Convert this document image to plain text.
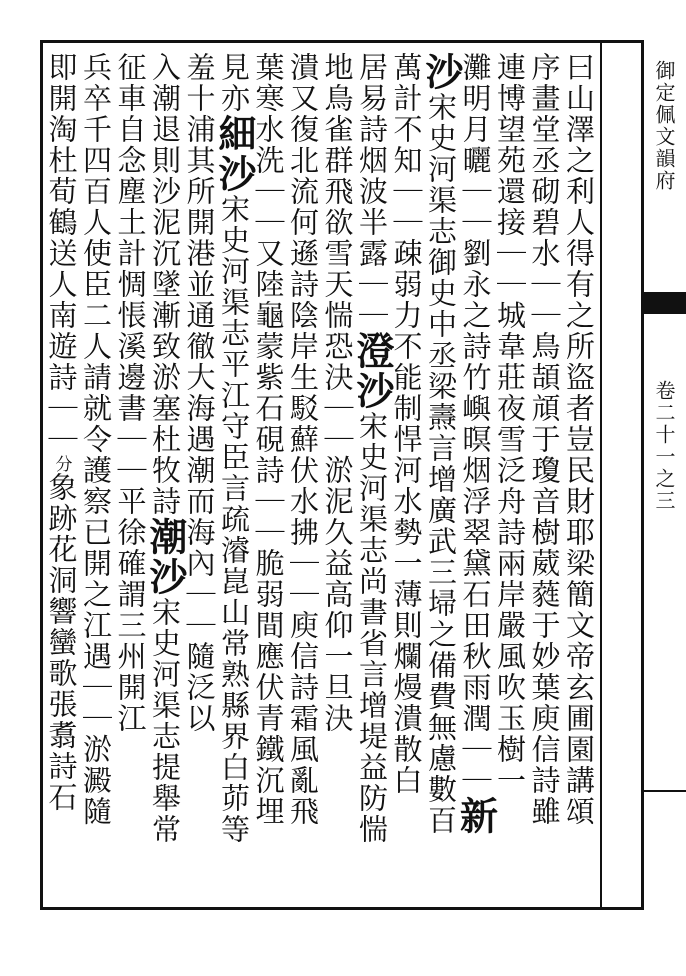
御定佩文韻府
卷二十一之三
曰山澤之利人得有之所盜者豈民財耶梁簡文帝玄圃園講頌
序畫堂丞砌碧水｜｜鳥頡頏于瓊音樹葳蕤于妙葉庾信詩雖
連博望苑還接｜｜城韋莊夜雪泛舟詩兩岸嚴風吹玉樹一
灘明月曬｜｜劉永之詩竹嶼暝烟浮翠黛石田秋雨潤｜｜新
沙宋史河渠志御史中丞梁燾言增廣武三埽之備費無慮數百
萬計不知｜｜疎弱力不能制悍河水勢一薄則爛熳潰散白
居易詩烟波半露｜｜澄沙宋史河渠志尚書省言增堤益防惴
地鳥雀群飛欲雪天惴恐決｜｜淤泥久益高仰一旦決
潰又復北流何遜詩陰岸生駁蘚伏水拂｜｜庾信詩霜風亂飛
葉寒水洗｜｜又陸龜蒙紫石硯詩｜｜脆弱間應伏青鐵沉埋
見亦細沙宋史河渠志平江守臣言疏濬崑山常熟縣界白茆等
羞十浦其所開港並通徹大海遇潮而海內｜｜隨泛以
入潮退則沙泥沉墜漸致淤塞杜牧詩潮沙宋史河渠志提舉常
征車自念塵土計惆悵溪邊書｜｜平徐確謂三州開江
兵卒千四百人使臣二人請就令護察已開之江遇｜｜淤澱隨
即開淘杜荀鶴送人南遊詩｜｜分象跡花洞響蠻歌張翥詩石
